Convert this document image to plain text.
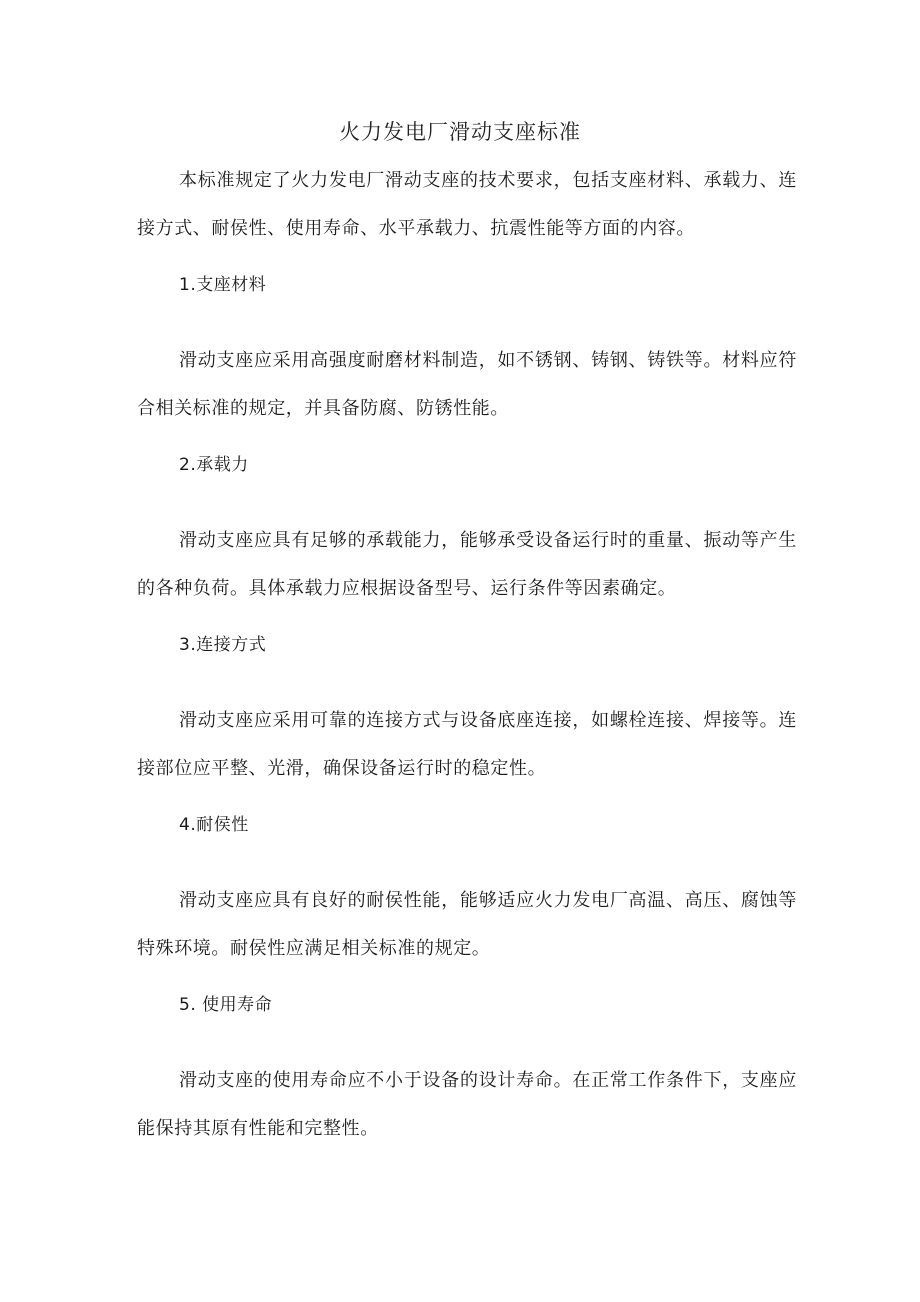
火力发电厂滑动支座标准

本标准规定了火力发电厂滑动支座的技术要求，包括支座材料、承载力、连接方式、耐侯性、使用寿命、水平承载力、抗震性能等方面的内容。

1.支座材料

滑动支座应采用高强度耐磨材料制造，如不锈钢、铸钢、铸铁等。材料应符合相关标准的规定，并具备防腐、防锈性能。

2.承载力

滑动支座应具有足够的承载能力，能够承受设备运行时的重量、振动等产生的各种负荷。具体承载力应根据设备型号、运行条件等因素确定。

3.连接方式

滑动支座应采用可靠的连接方式与设备底座连接，如螺栓连接、焊接等。连接部位应平整、光滑，确保设备运行时的稳定性。

4.耐侯性

滑动支座应具有良好的耐侯性能，能够适应火力发电厂高温、高压、腐蚀等特殊环境。耐侯性应满足相关标准的规定。

5. 使用寿命

滑动支座的使用寿命应不小于设备的设计寿命。在正常工作条件下，支座应能保持其原有性能和完整性。
